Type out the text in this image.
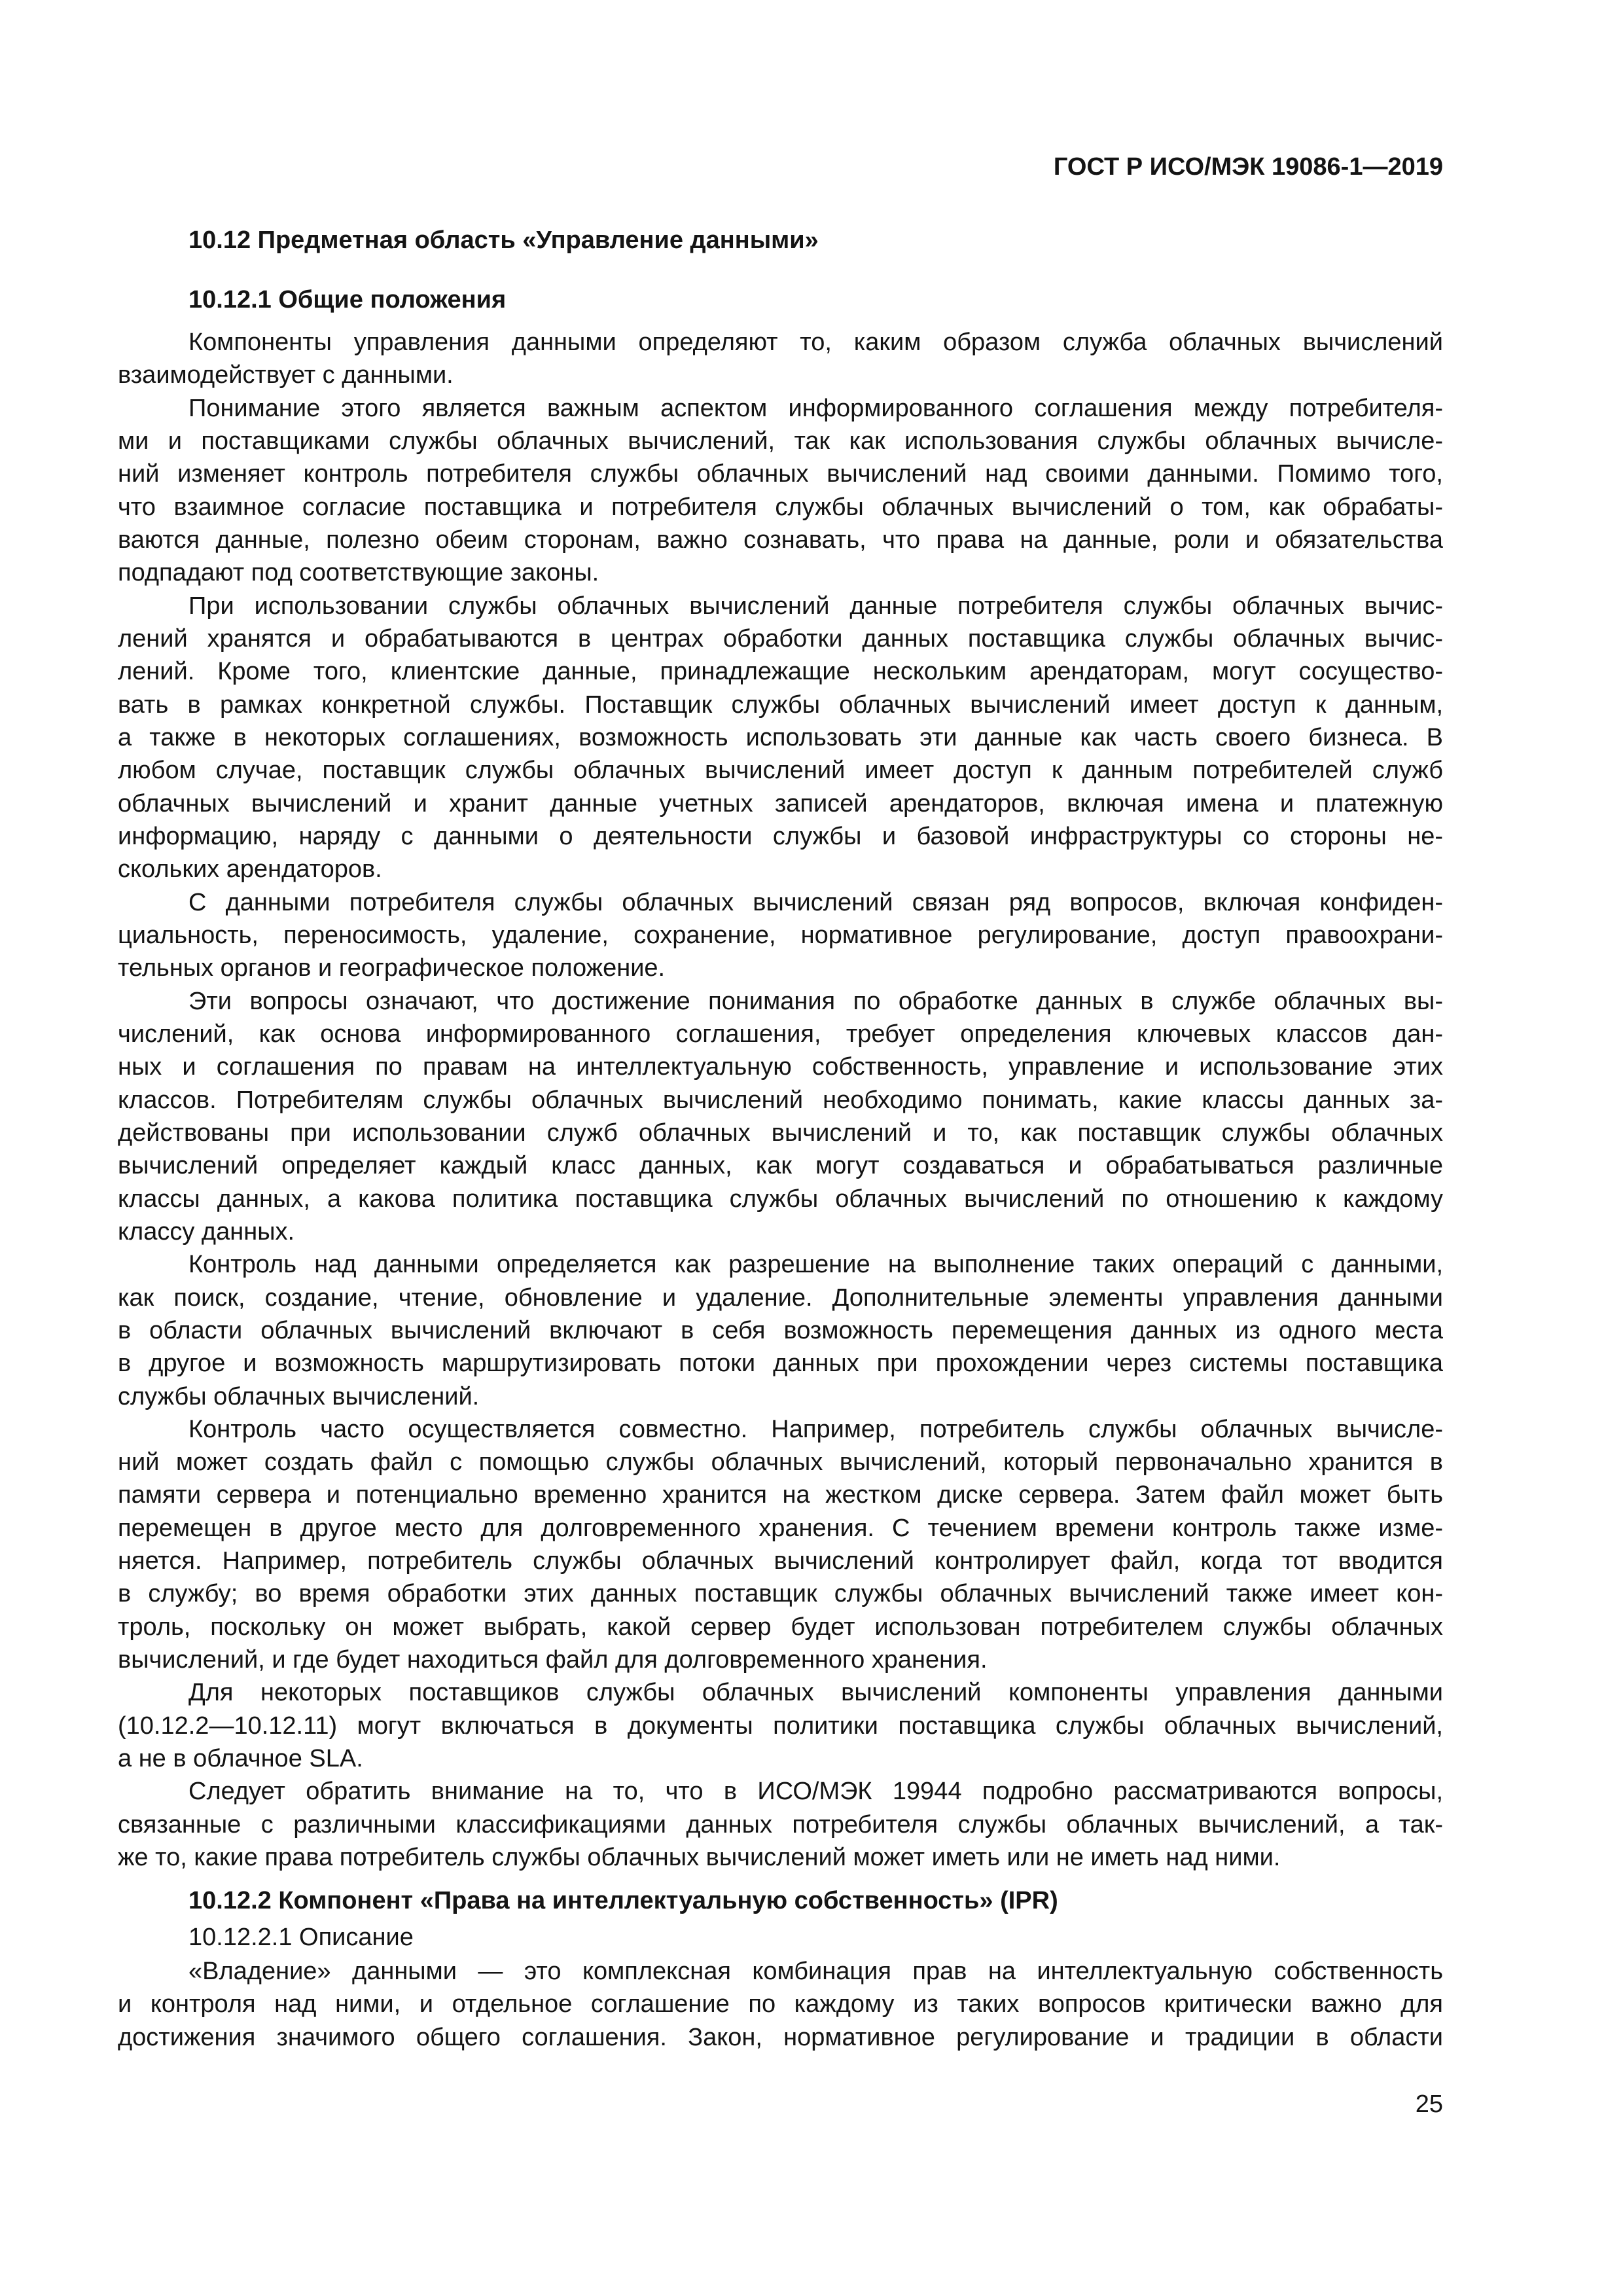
ГОСТ Р ИСО/МЭК 19086-1—2019
10.12 Предметная область «Управление данными»
10.12.1 Общие положения
Компоненты управления данными определяют то, каким образом служба облачных вычислений
взаимодействует с данными.
Понимание этого является важным аспектом информированного соглашения между потребителя-
ми и поставщиками службы облачных вычислений, так как использования службы облачных вычисле-
ний изменяет контроль потребителя службы облачных вычислений над своими данными. Помимо того,
что взаимное согласие поставщика и потребителя службы облачных вычислений о том, как обрабаты-
ваются данные, полезно обеим сторонам, важно сознавать, что права на данные, роли и обязательства
подпадают под соответствующие законы.
При использовании службы облачных вычислений данные потребителя службы облачных вычис-
лений хранятся и обрабатываются в центрах обработки данных поставщика службы облачных вычис-
лений. Кроме того, клиентские данные, принадлежащие нескольким арендаторам, могут сосущество-
вать в рамках конкретной службы. Поставщик службы облачных вычислений имеет доступ к данным,
а также в некоторых соглашениях, возможность использовать эти данные как часть своего бизнеса. В
любом случае, поставщик службы облачных вычислений имеет доступ к данным потребителей служб
облачных вычислений и хранит данные учетных записей арендаторов, включая имена и платежную
информацию, наряду с данными о деятельности службы и базовой инфраструктуры со стороны не-
скольких арендаторов.
С данными потребителя службы облачных вычислений связан ряд вопросов, включая конфиден-
циальность, переносимость, удаление, сохранение, нормативное регулирование, доступ правоохрани-
тельных органов и географическое положение.
Эти вопросы означают, что достижение понимания по обработке данных в службе облачных вы-
числений, как основа информированного соглашения, требует определения ключевых классов дан-
ных и соглашения по правам на интеллектуальную собственность, управление и использование этих
классов. Потребителям службы облачных вычислений необходимо понимать, какие классы данных за-
действованы при использовании служб облачных вычислений и то, как поставщик службы облачных
вычислений определяет каждый класс данных, как могут создаваться и обрабатываться различные
классы данных, а какова политика поставщика службы облачных вычислений по отношению к каждому
классу данных.
Контроль над данными определяется как разрешение на выполнение таких операций с данными,
как поиск, создание, чтение, обновление и удаление. Дополнительные элементы управления данными
в области облачных вычислений включают в себя возможность перемещения данных из одного места
в другое и возможность маршрутизировать потоки данных при прохождении через системы поставщика
службы облачных вычислений.
Контроль часто осуществляется совместно. Например, потребитель службы облачных вычисле-
ний может создать файл с помощью службы облачных вычислений, который первоначально хранится в
памяти сервера и потенциально временно хранится на жестком диске сервера. Затем файл может быть
перемещен в другое место для долговременного хранения. С течением времени контроль также изме-
няется. Например, потребитель службы облачных вычислений контролирует файл, когда тот вводится
в службу; во время обработки этих данных поставщик службы облачных вычислений также имеет кон-
троль, поскольку он может выбрать, какой сервер будет использован потребителем службы облачных
вычислений, и где будет находиться файл для долговременного хранения.
Для некоторых поставщиков службы облачных вычислений компоненты управления данными
(10.12.2—10.12.11) могут включаться в документы политики поставщика службы облачных вычислений,
а не в облачное SLA.
Следует обратить внимание на то, что в ИСО/МЭК 19944 подробно рассматриваются вопросы,
связанные с различными классификациями данных потребителя службы облачных вычислений, а так-
же то, какие права потребитель службы облачных вычислений может иметь или не иметь над ними.
10.12.2 Компонент «Права на интеллектуальную собственность» (IPR)
10.12.2.1 Описание
«Владение» данными — это комплексная комбинация прав на интеллектуальную собственность
и контроля над ними, и отдельное соглашение по каждому из таких вопросов критически важно для
достижения значимого общего соглашения. Закон, нормативное регулирование и традиции в области
25
